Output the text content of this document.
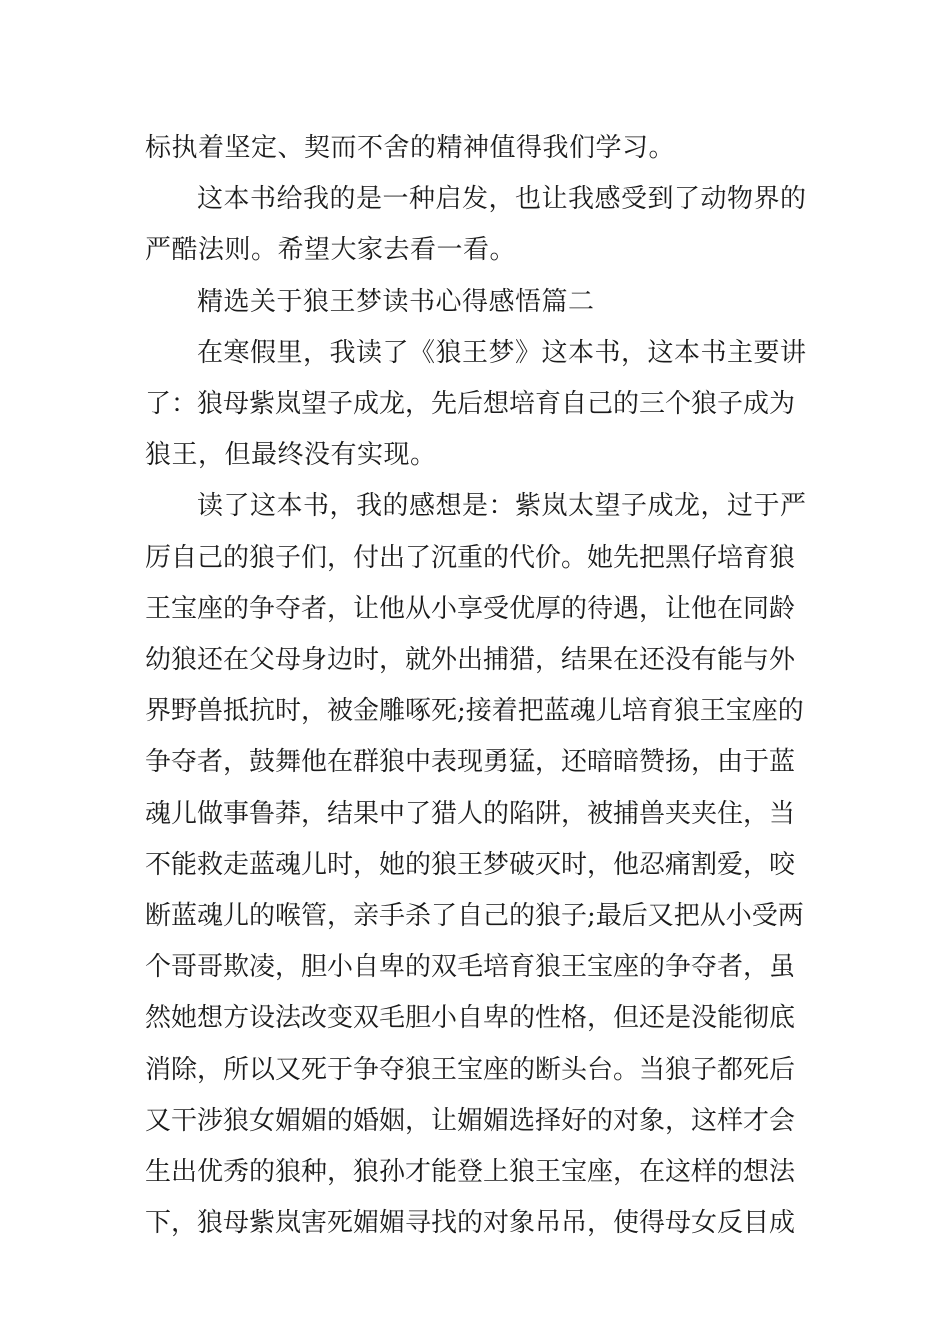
标执着坚定、契而不舍的精神值得我们学习。
这本书给我的是一种启发，也让我感受到了动物界的
严酷法则。希望大家去看一看。
精选关于狼王梦读书心得感悟篇二
在寒假里，我读了《狼王梦》这本书，这本书主要讲
了：狼母紫岚望子成龙，先后想培育自己的三个狼子成为
狼王，但最终没有实现。
读了这本书，我的感想是：紫岚太望子成龙，过于严
厉自己的狼子们，付出了沉重的代价。她先把黑仔培育狼
王宝座的争夺者，让他从小享受优厚的待遇，让他在同龄
幼狼还在父母身边时，就外出捕猎，结果在还没有能与外
界野兽抵抗时，被金雕啄死;接着把蓝魂儿培育狼王宝座的
争夺者，鼓舞他在群狼中表现勇猛，还暗暗赞扬，由于蓝
魂儿做事鲁莽，结果中了猎人的陷阱，被捕兽夹夹住，当
不能救走蓝魂儿时，她的狼王梦破灭时，他忍痛割爱，咬
断蓝魂儿的喉管，亲手杀了自己的狼子;最后又把从小受两
个哥哥欺凌，胆小自卑的双毛培育狼王宝座的争夺者，虽
然她想方设法改变双毛胆小自卑的性格，但还是没能彻底
消除，所以又死于争夺狼王宝座的断头台。当狼子都死后
又干涉狼女媚媚的婚姻，让媚媚选择好的对象，这样才会
生出优秀的狼种，狼孙才能登上狼王宝座，在这样的想法
下，狼母紫岚害死媚媚寻找的对象吊吊，使得母女反目成
